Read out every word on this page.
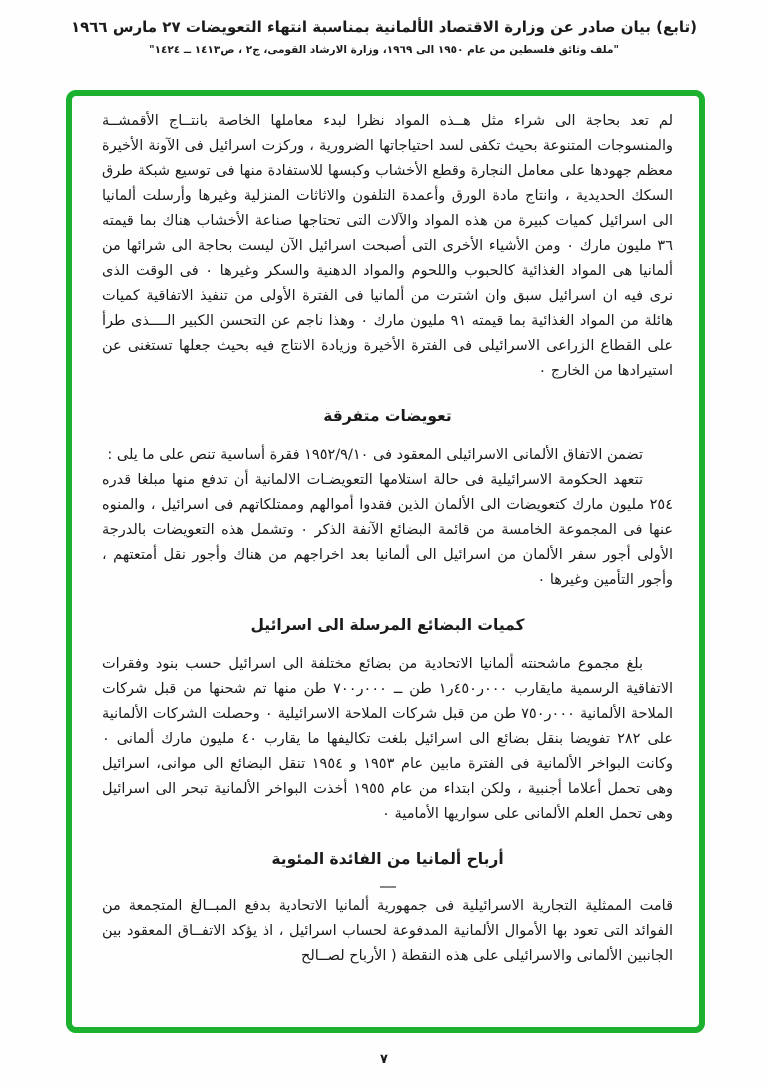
(تابع) بيان صادر عن وزارة الاقتصاد الألمانية بمناسبة انتهاء التعويضات ٢٧ مارس ١٩٦٦
"ملف وثائق فلسطين من عام ١٩٥٠ الى ١٩٦٩، وزارة الارشاد القومى، ج٢ ، ص١٤١٣ ــ ١٤٢٤"

لم تعد بحاجة الى شراء مثل هــذه المواد نظرا لبدء معاملها الخاصة بانتــاج الأقمشــة والمنسوجات المتنوعة بحيث تكفى لسد احتياجاتها الضرورية ، وركزت اسرائيل فى الآونة الأخيرة معظم جهودها على معامل النجارة وقطع الأخشاب وكبسها للاستفادة منها فى توسيع شبكة طرق السكك الحديدية ، وانتاج مادة الورق وأعمدة التلفون والاثاثات المنزلية وغيرها وأرسلت ألمانيا الى اسرائيل كميات كبيرة من هذه المواد والآلات التى تحتاجها صناعة الأخشاب هناك بما قيمته ٣٦ مليون مارك ٠ ومن الأشياء الأخرى التى أصبحت اسرائيل الآن ليست بحاجة الى شرائها من ألمانيا هى المواد الغذائية كالحبوب واللحوم والمواد الدهنية والسكر وغيرها ٠ فى الوقت الذى نرى فيه ان اسرائيل سبق وان اشترت من ألمانيا فى الفترة الأولى من تنفيذ الاتفاقية كميات هائلة من المواد الغذائية بما قيمته ٩١ مليون مارك ٠ وهذا ناجم عن التحسن الكبير الــــذى طرأ على القطاع الزراعى الاسرائيلى فى الفترة الأخيرة وزيادة الانتاج فيه بحيث جعلها تستغنى عن استيرادها من الخارج ٠

تعويضات متفرقة

تضمن الاتفاق الألمانى الاسرائيلى المعقود فى ١٩٥٢/٩/١٠ فقرة أساسية تنص على ما يلى :

تتعهد الحكومة الاسرائيلية فى حالة استلامها التعويضـات الالمانية أن تدفع منها مبلغا قدره ٢٥٤ مليون مارك كتعويضات الى الألمان الذين فقدوا أموالهم وممتلكاتهم فى اسرائيل ، والمنوه عنها فى المجموعة الخامسة من قائمة البضائع الآنفة الذكر ٠ وتشمل هذه التعويضات بالدرجة الأولى أجور سفر الألمان من اسرائيل الى ألمانيا بعد اخراجهم من هناك وأجور نقل أمتعتهم ، وأجور التأمين وغيرها ٠

كميات البضائع المرسلة الى اسرائيل

بلغ مجموع ماشحنته ألمانيا الاتحادية من بضائع مختلفة الى اسرائيل حسب بنود وفقرات الاتفاقية الرسمية مايقارب ٠٠٠ر٤٥٠ر١ طن ــ ٠٠٠ر٧٠٠ طن منها تم شحنها من قبل شركات الملاحة الألمانية ٠٠٠ر٧٥٠ طن من قبل شركات الملاحة الاسرائيلية ٠ وحصلت الشركات الألمانية على ٢٨٢ تفويضا بنقل بضائع الى اسرائيل بلغت تكاليفها ما يقارب ٤٠ مليون مارك ألمانى ٠ وكانت البواخر الألمانية فى الفترة مابين عام ١٩٥٣ و ١٩٥٤ تنقل البضائع الى موانى، اسرائيل وهى تحمل أعلاما أجنبية ، ولكن ابتداء من عام ١٩٥٥ أخذت البواخر الألمانية تبحر الى اسرائيل وهى تحمل العلم الألمانى على سواريها الأمامية ٠

أرباح ألمانيا من الفائدة المئوية

قامت الممثلية التجارية الاسرائيلية فى جمهورية ألمانيا الاتحادية بدفع المبــالغ المتجمعة من الفوائد التى تعود بها الأموال الألمانية المدفوعة لحساب اسرائيل ، اذ يؤكد الاتفــاق المعقود بين الجانبين الألمانى والاسرائيلى على هذه النقطة ( الأرباح لصــالح

٧
